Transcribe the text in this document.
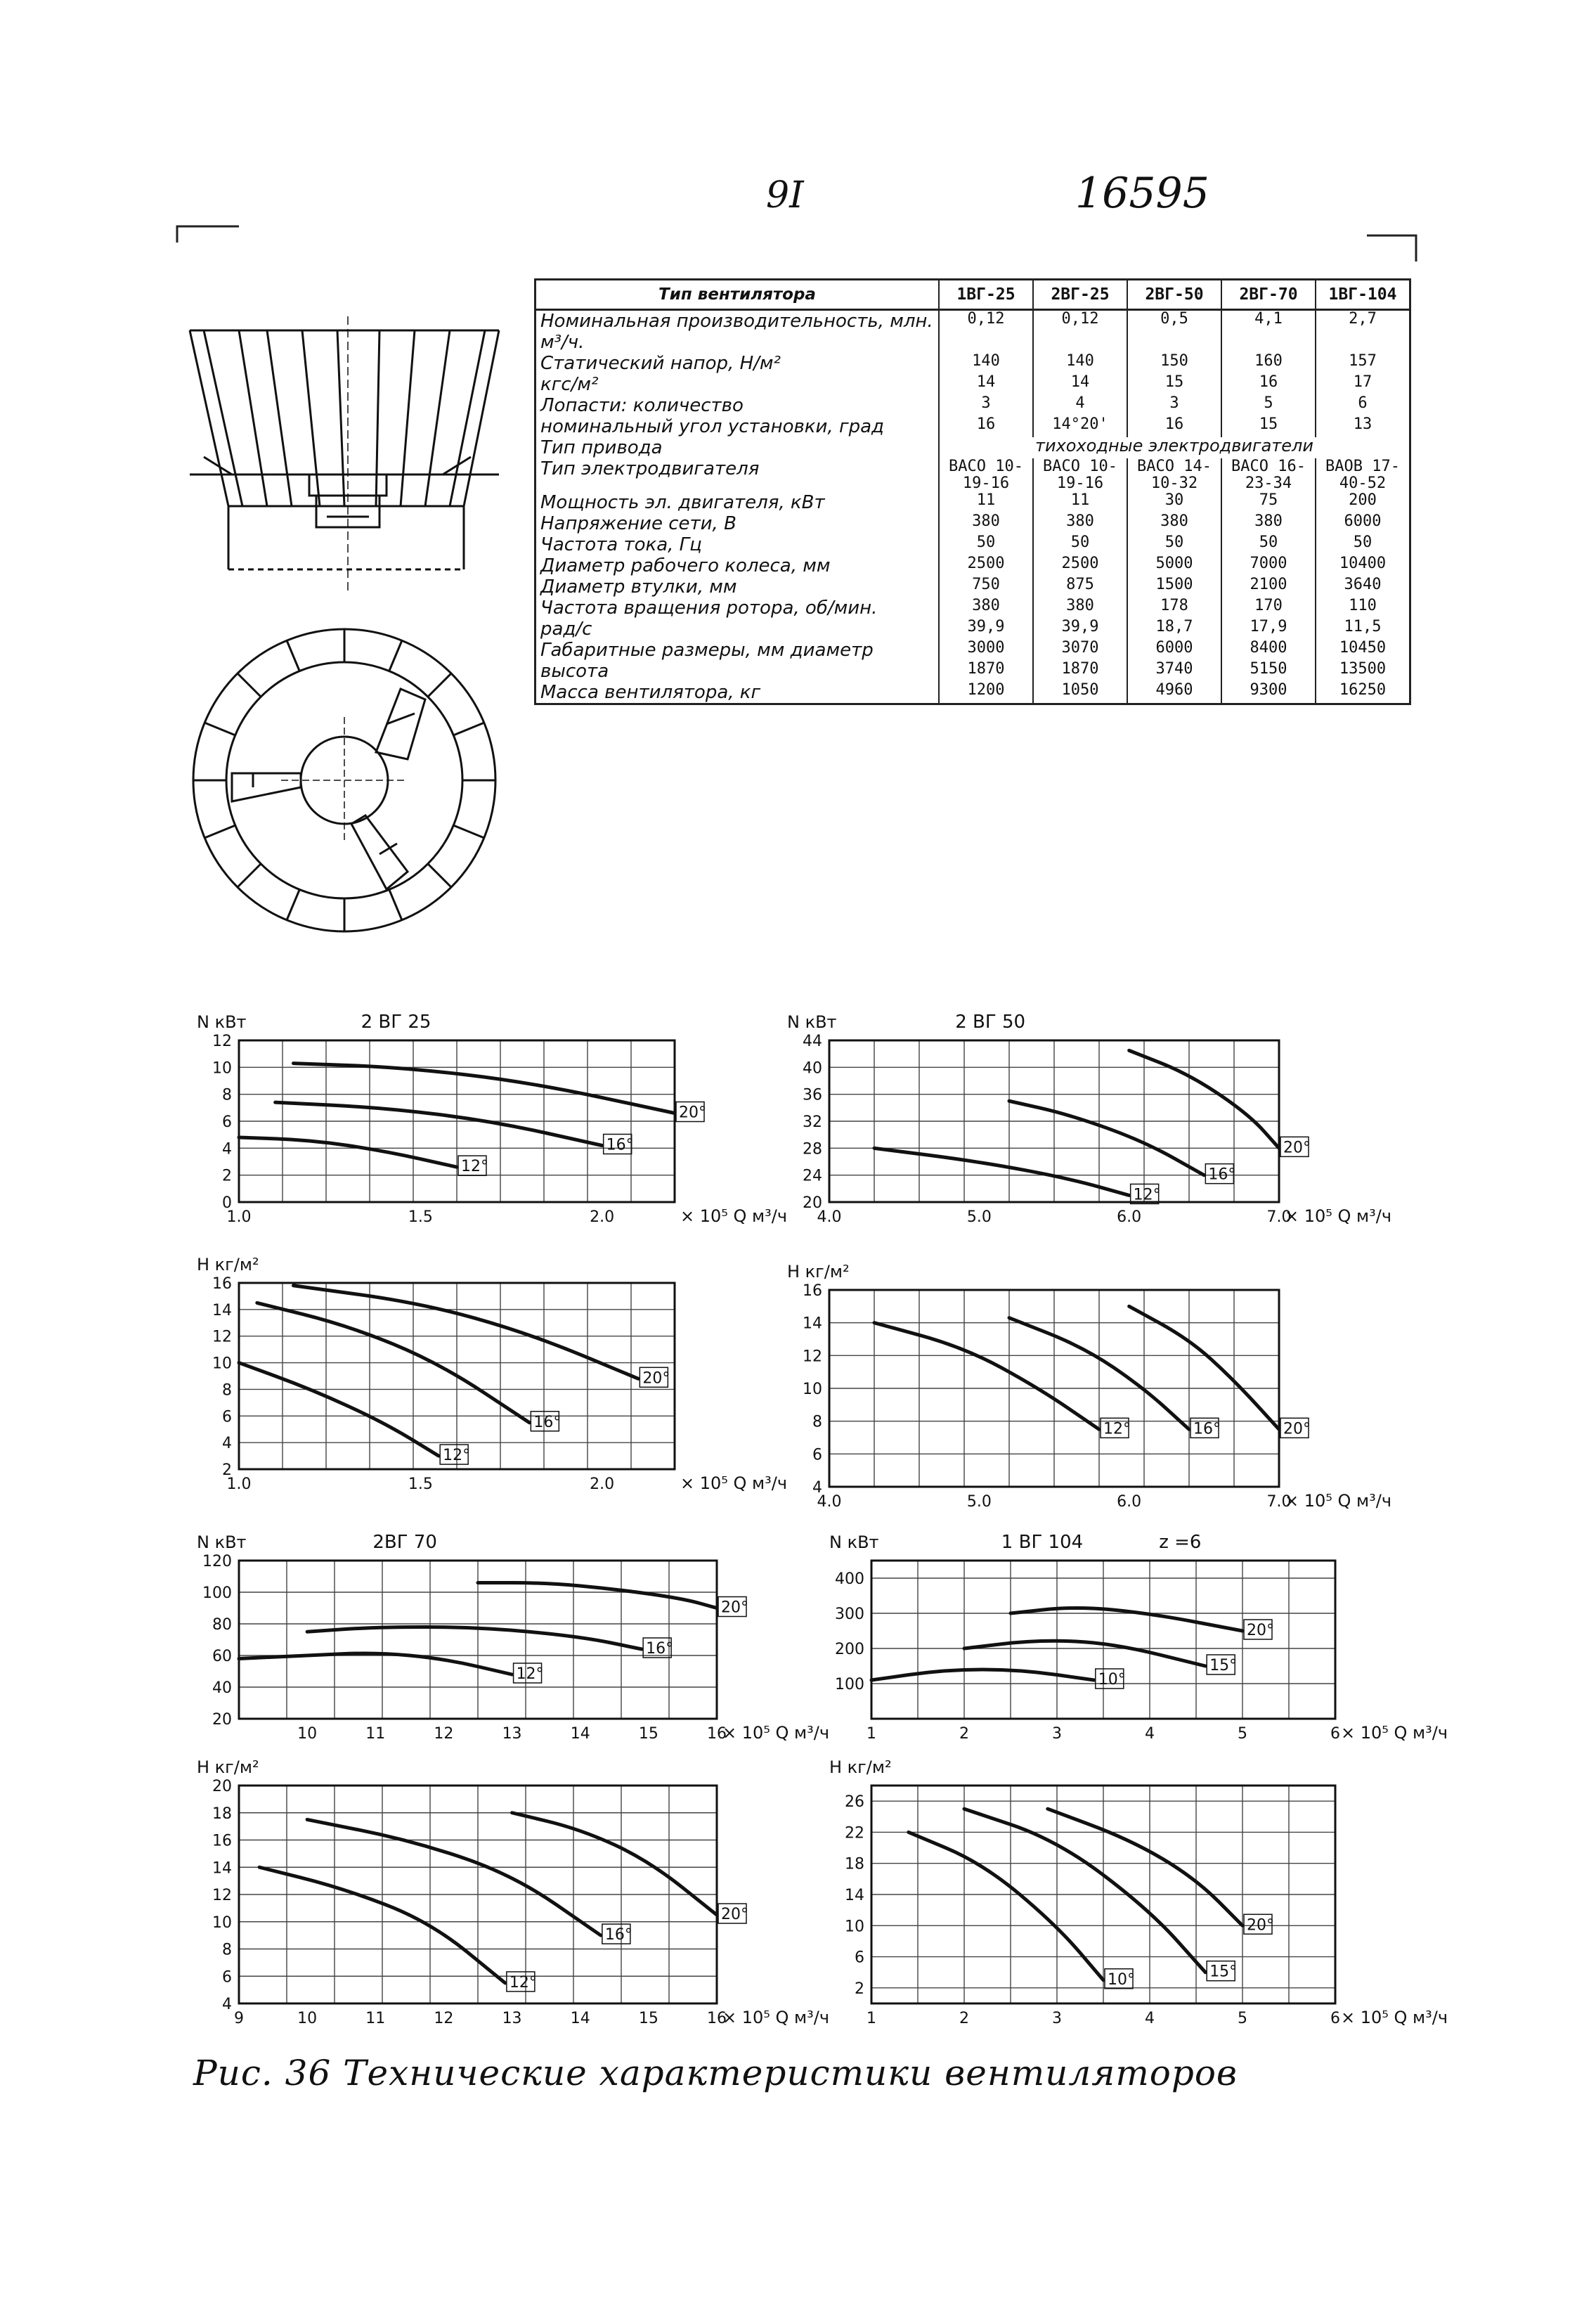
9I	16595
Тип вентилятора	1ВГ-25	2ВГ-25	2ВГ-50	2ВГ-70	1ВГ-104
Номинальная производительность, млн. м³/ч.	0,12	0,12	0,5	4,1	2,7
Статический напор, Н/м²	140	140	150	160	157
кгс/м²	14	14	15	16	17
Лопасти: количество	3	4	3	5	6
номинальный угол установки, град	16	14°20'	16	15	13
Тип привода	тихоходные электродвигатели				
Тип электродвигателя	ВАСО 10-19-16	ВАСО 10-19-16	ВАСО 14-10-32	ВАСО 16-23-34	ВАОВ 17-40-52
Мощность эл. двигателя, кВт	11	11	30	75	200
Напряжение сети, В	380	380	380	380	6000
Частота тока, Гц	50	50	50	50	50
Диаметр рабочего колеса, мм	2500	2500	5000	7000	10400
Диаметр втулки, мм	750	875	1500	2100	3640
Частота вращения ротора, об/мин.	380	380	178	170	110
рад/с	39,9	39,9	18,7	17,9	11,5
Габаритные размеры, мм диаметр	3000	3070	6000	8400	10450
высота	1870	1870	3740	5150	13500
Масса вентилятора, кг	1200	1050	4960	9300	16250
0
2
4
6
8
10
12
1.0	1.5	2.0
N кВт	2 ВГ 25
× 10⁵ Q м³/ч
12°
16°
20°
20
24
28
32
36
40
44
4.0	5.0	6.0	7.0
N кВт	2 ВГ 50
× 10⁵ Q м³/ч
12°
16°
20°
2
4
6
8
10
12
14
16
1.0	1.5	2.0
H кг/м²
× 10⁵ Q м³/ч
12°
16°
20°
4
6
8
10
12
14
16
4.0	5.0	6.0	7.0
H кг/м²
× 10⁵ Q м³/ч
12°	16°	20°
20
40
60
80
100
120
10	11	12	13	14	15	16
N кВт	2ВГ 70
× 10⁵ Q м³/ч
12°
16°
20°
100
200
300
400
1	2	3	4	5	6
N кВт	1 ВГ 104	z =6
× 10⁵ Q м³/ч
10°
15°
20°
4
6
8
10
12
14
16
18
20
9	10	11	12	13	14	15	16
H кг/м²
× 10⁵ Q м³/ч
12°
16°
20°
2
6
10
14
18
22
26
1	2	3	4	5	6
H кг/м²
× 10⁵ Q м³/ч
10°	15°
20°
Рис. 36 Технические характеристики вентиляторов
